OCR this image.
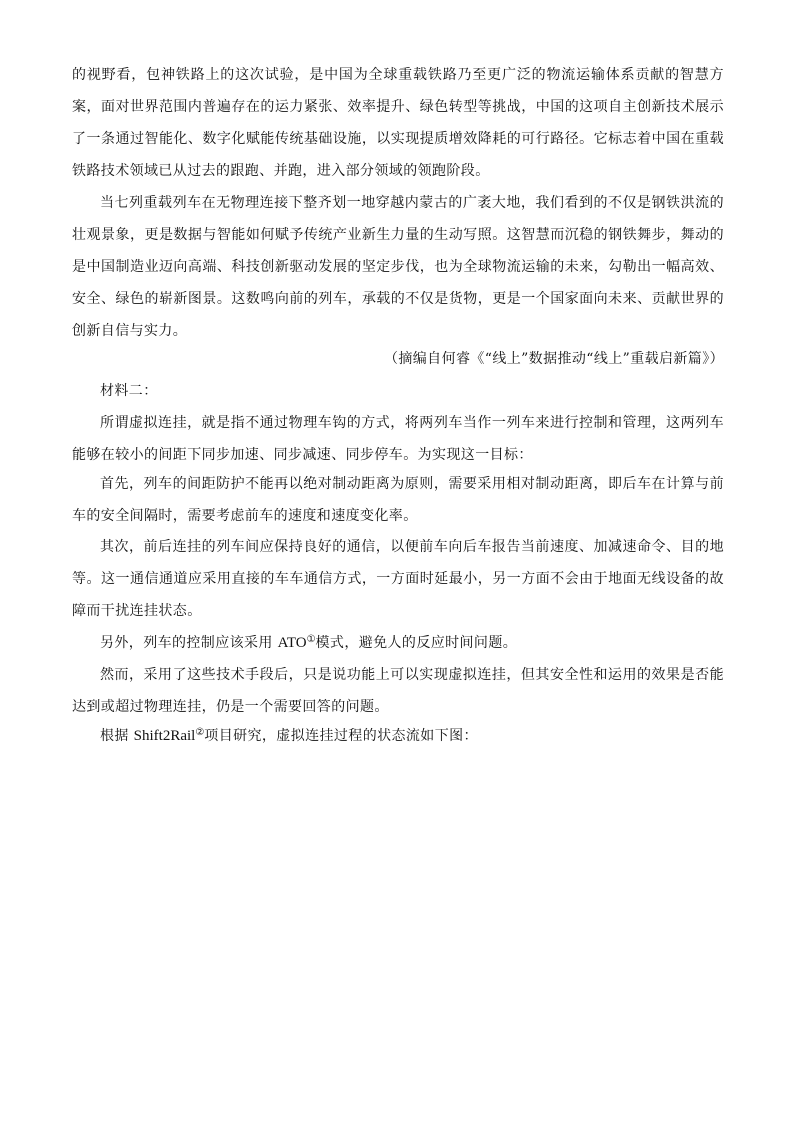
的视野看，包神铁路上的这次试验，是中国为全球重载铁路乃至更广泛的物流运输体系贡献的智慧方案，面对世界范围内普遍存在的运力紧张、效率提升、绿色转型等挑战，中国的这项自主创新技术展示了一条通过智能化、数字化赋能传统基础设施，以实现提质增效降耗的可行路径。它标志着中国在重载铁路技术领域已从过去的跟跑、并跑，进入部分领域的领跑阶段。

当七列重载列车在无物理连接下整齐划一地穿越内蒙古的广袤大地，我们看到的不仅是钢铁洪流的壮观景象，更是数据与智能如何赋予传统产业新生力量的生动写照。这智慧而沉稳的钢铁舞步，舞动的是中国制造业迈向高端、科技创新驱动发展的坚定步伐，也为全球物流运输的未来，勾勒出一幅高效、安全、绿色的崭新图景。这数鸣向前的列车，承载的不仅是货物，更是一个国家面向未来、贡献世界的创新自信与实力。

（摘编自何睿《“线上”数据推动“线上”重载启新篇》）

材料二：

所谓虚拟连挂，就是指不通过物理车钩的方式，将两列车当作一列车来进行控制和管理，这两列车能够在较小的间距下同步加速、同步减速、同步停车。为实现这一目标：

首先，列车的间距防护不能再以绝对制动距离为原则，需要采用相对制动距离，即后车在计算与前车的安全间隔时，需要考虑前车的速度和速度变化率。

其次，前后连挂的列车间应保持良好的通信，以便前车向后车报告当前速度、加减速命令、目的地等。这一通信通道应采用直接的车车通信方式，一方面时延最小，另一方面不会由于地面无线设备的故障而干扰连挂状态。

另外，列车的控制应该采用 ATO①模式，避免人的反应时间问题。

然而，采用了这些技术手段后，只是说功能上可以实现虚拟连挂，但其安全性和运用的效果是否能达到或超过物理连挂，仍是一个需要回答的问题。

根据 Shift2Rail②项目研究，虚拟连挂过程的状态流如下图：
